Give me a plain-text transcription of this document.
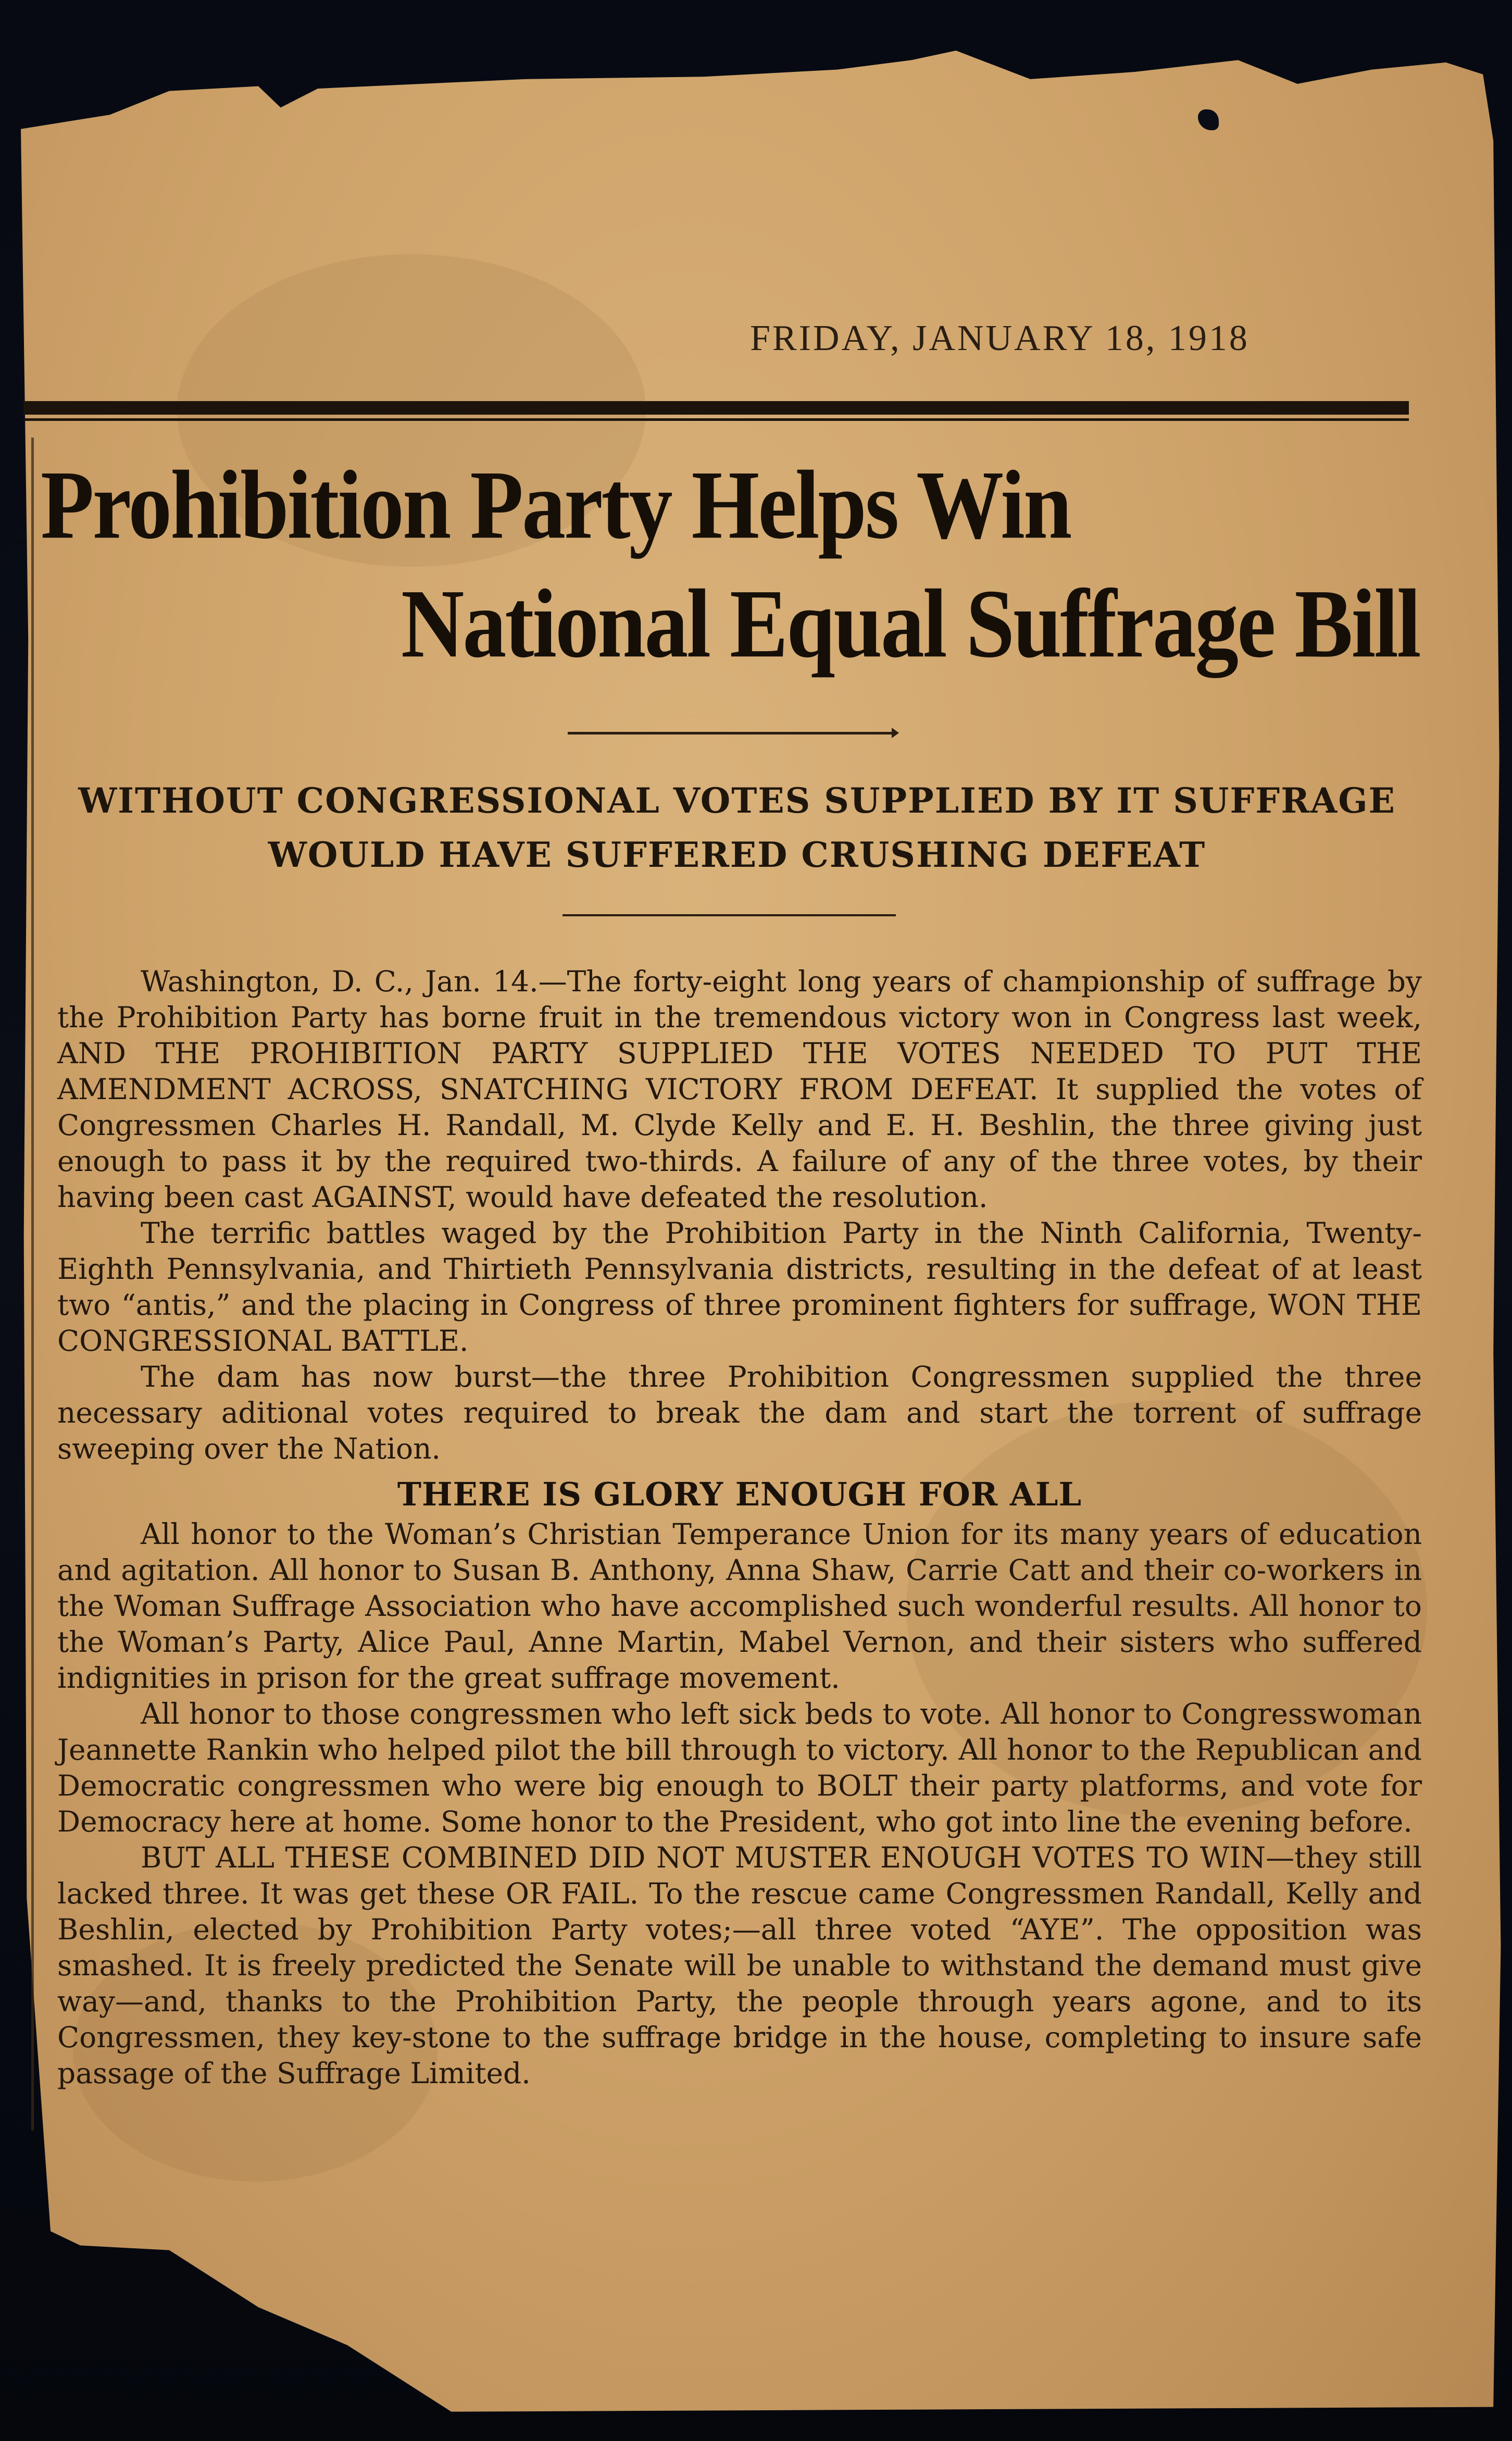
FRIDAY, JANUARY 18, 1918
Prohibition Party Helps Win
National Equal Suffrage Bill
WITHOUT CONGRESSIONAL VOTES SUPPLIED BY IT SUFFRAGE
WOULD HAVE SUFFERED CRUSHING DEFEAT

Washington, D. C., Jan. 14.—The forty-eight long years of championship of suffrage by the Prohibition Party has borne fruit in the tremendous victory won in Congress last week, AND THE PROHIBITION PARTY SUPPLIED THE VOTES NEEDED TO PUT THE AMENDMENT ACROSS, SNATCHING VICTORY FROM DEFEAT. It supplied the votes of Congressmen Charles H. Randall, M. Clyde Kelly and E. H. Beshlin, the three giving just enough to pass it by the required two-thirds. A failure of any of the three votes, by their having been cast AGAINST, would have defeated the resolution.

The terrific battles waged by the Prohibition Party in the Ninth California, Twenty-Eighth Pennsylvania, and Thirtieth Pennsylvania districts, resulting in the defeat of at least two “antis,” and the placing in Congress of three prominent fighters for suffrage, WON THE CONGRESSIONAL BATTLE.

The dam has now burst—the three Prohibition Congressmen supplied the three necessary aditional votes required to break the dam and start the torrent of suffrage sweeping over the Nation.

THERE IS GLORY ENOUGH FOR ALL

All honor to the Woman’s Christian Temperance Union for its many years of education and agitation. All honor to Susan B. Anthony, Anna Shaw, Carrie Catt and their co-workers in the Woman Suffrage Association who have accomplished such wonderful results. All honor to the Woman’s Party, Alice Paul, Anne Martin, Mabel Vernon, and their sisters who suffered indignities in prison for the great suffrage movement.

All honor to those congressmen who left sick beds to vote. All honor to Congresswoman Jeannette Rankin who helped pilot the bill through to victory. All honor to the Republican and Democratic congressmen who were big enough to BOLT their party platforms, and vote for Democracy here at home. Some honor to the President, who got into line the evening before.

BUT ALL THESE COMBINED DID NOT MUSTER ENOUGH VOTES TO WIN—they still lacked three. It was get these OR FAIL. To the rescue came Congressmen Randall, Kelly and Beshlin, elected by Prohibition Party votes;—all three voted “AYE”. The opposition was smashed. It is freely predicted the Senate will be unable to withstand the demand must give way—and, thanks to the Prohibition Party, the people through years agone, and to its Congressmen, they key-stone to the suffrage bridge in the house, completing to insure safe passage of the Suffrage Limited.
